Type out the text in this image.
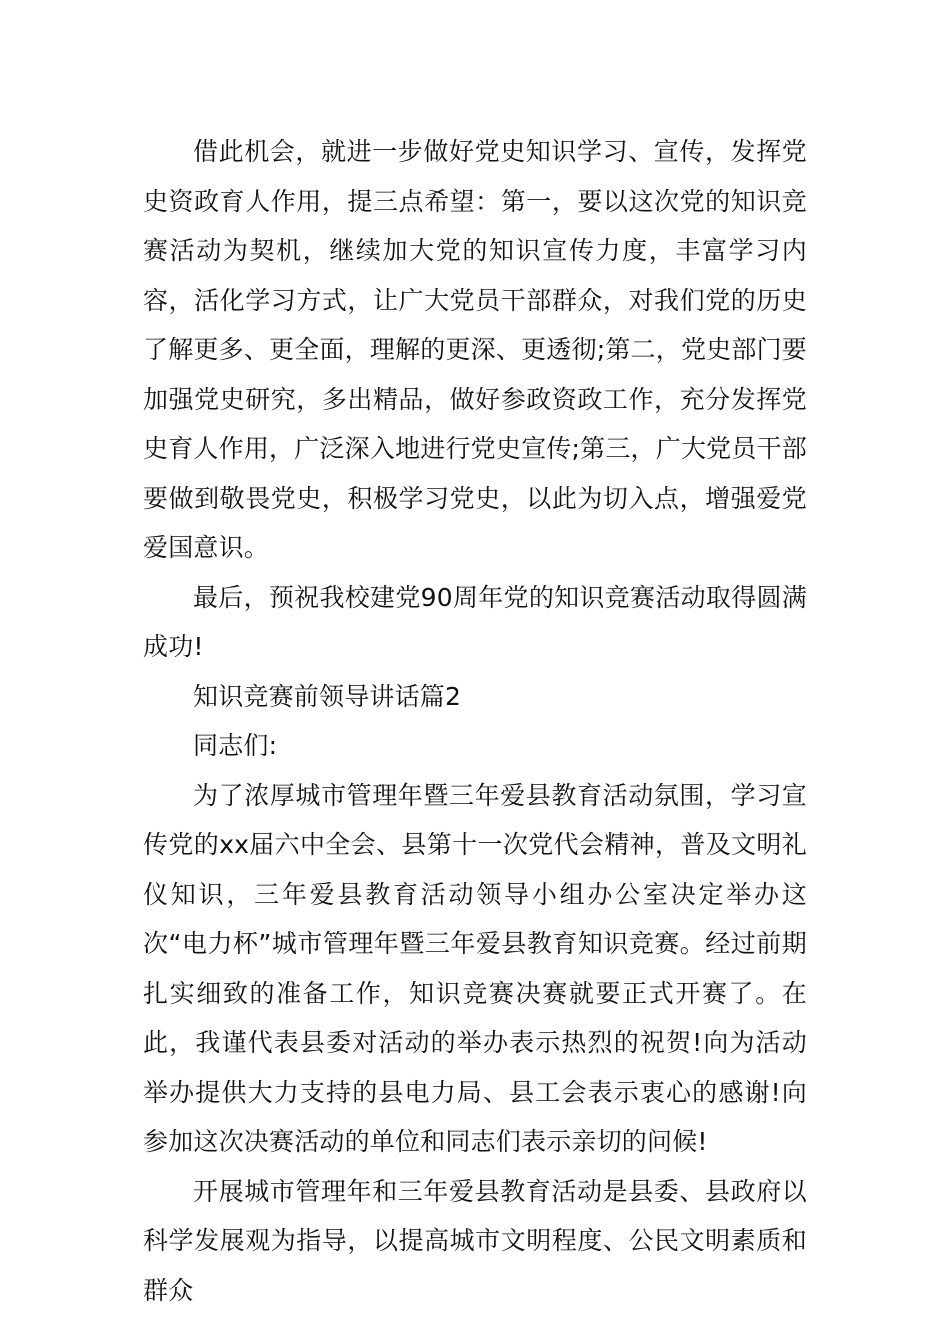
借此机会，就进一步做好党史知识学习、宣传，发挥党史资政育人作用，提三点希望：第一，要以这次党的知识竞赛活动为契机，继续加大党的知识宣传力度，丰富学习内容，活化学习方式，让广大党员干部群众，对我们党的历史了解更多、更全面，理解的更深、更透彻;第二，党史部门要加强党史研究，多出精品，做好参政资政工作，充分发挥党史育人作用，广泛深入地进行党史宣传;第三，广大党员干部要做到敬畏党史，积极学习党史，以此为切入点，增强爱党爱国意识。

最后，预祝我校建党90周年党的知识竞赛活动取得圆满成功!

知识竞赛前领导讲话篇2

同志们:

为了浓厚城市管理年暨三年爱县教育活动氛围，学习宣传党的xx届六中全会、县第十一次党代会精神，普及文明礼仪知识，三年爱县教育活动领导小组办公室决定举办这次“电力杯”城市管理年暨三年爱县教育知识竞赛。经过前期扎实细致的准备工作，知识竞赛决赛就要正式开赛了。在此，我谨代表县委对活动的举办表示热烈的祝贺!向为活动举办提供大力支持的县电力局、县工会表示衷心的感谢!向参加这次决赛活动的单位和同志们表示亲切的问候!

开展城市管理年和三年爱县教育活动是县委、县政府以科学发展观为指导，以提高城市文明程度、公民文明素质和群众
